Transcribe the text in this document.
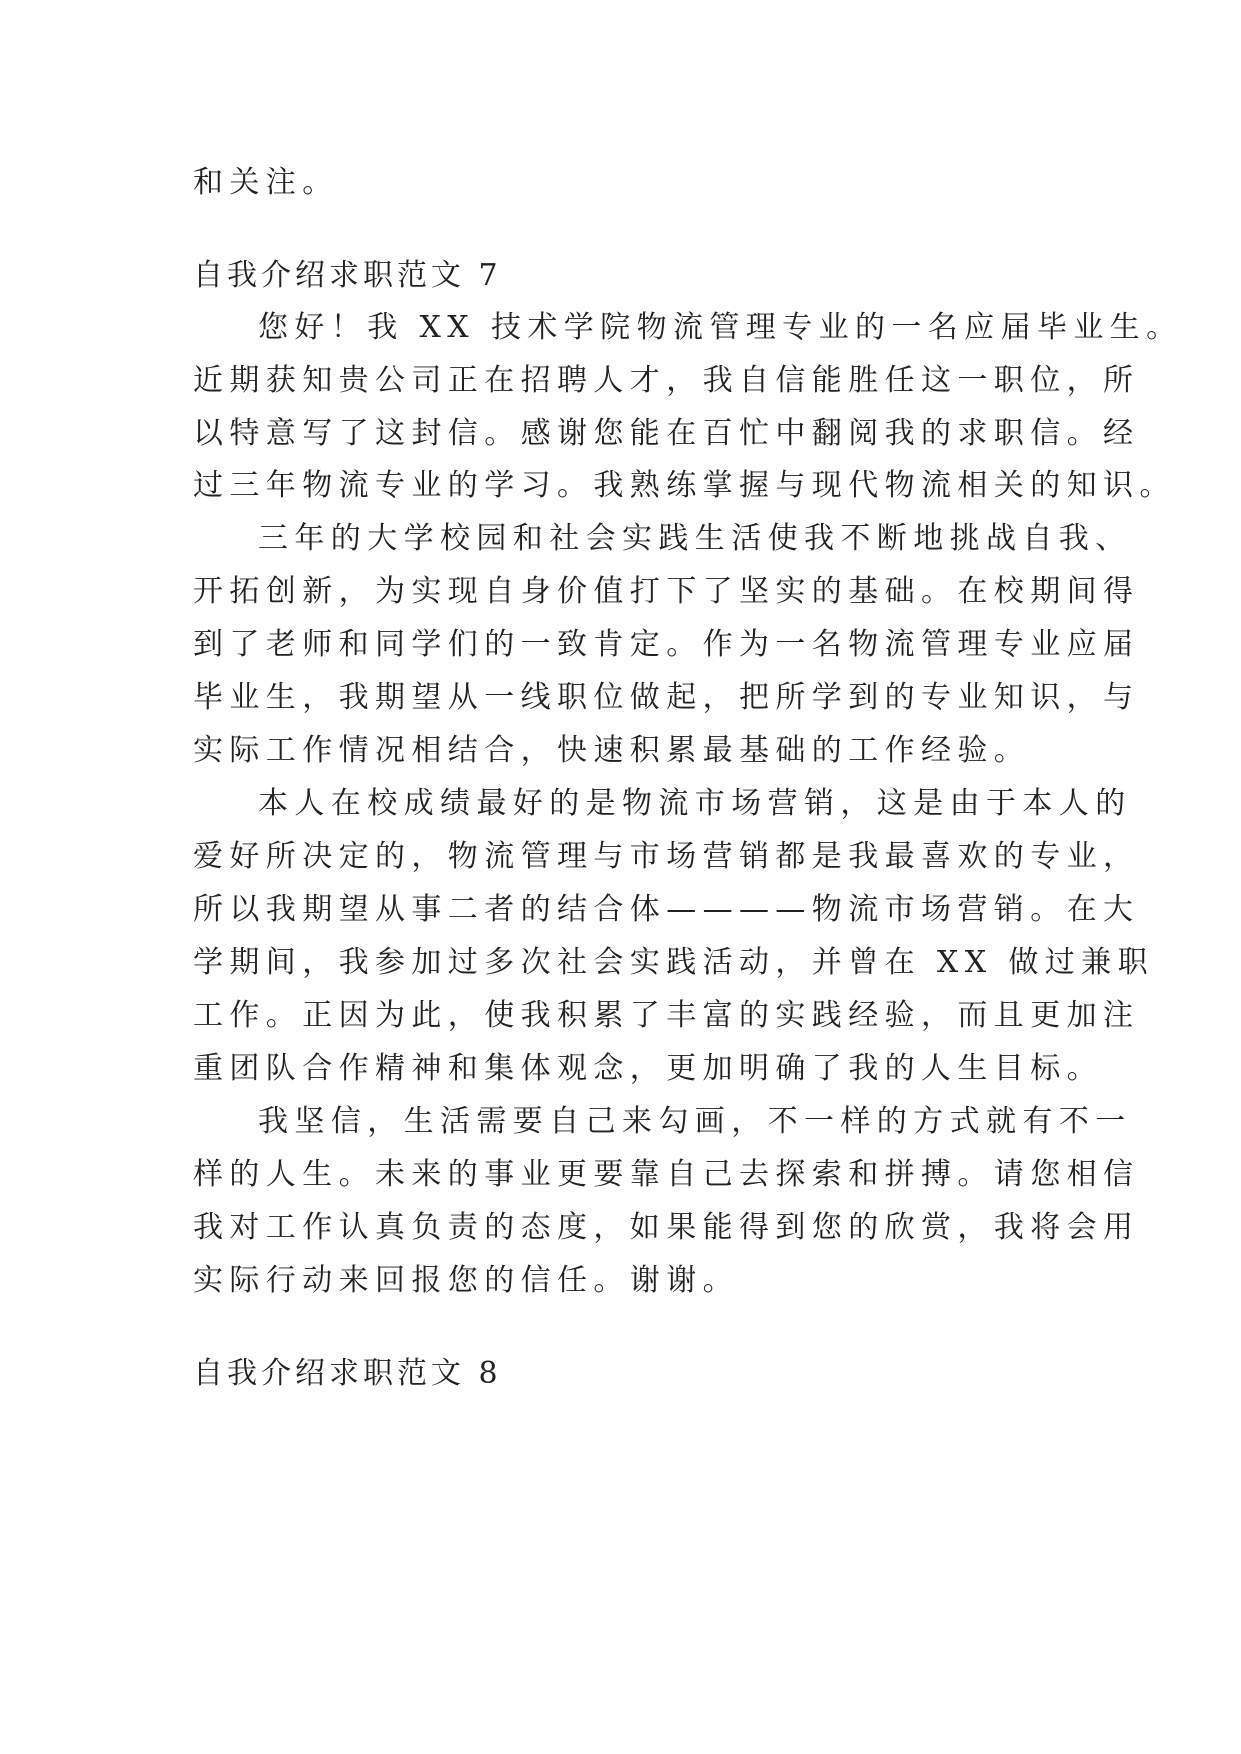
和关注。
自我介绍求职范文 7
您好！我 XX 技术学院物流管理专业的一名应届毕业生。
近期获知贵公司正在招聘人才，我自信能胜任这一职位，所
以特意写了这封信。感谢您能在百忙中翻阅我的求职信。经
过三年物流专业的学习。我熟练掌握与现代物流相关的知识。
三年的大学校园和社会实践生活使我不断地挑战自我、
开拓创新，为实现自身价值打下了坚实的基础。在校期间得
到了老师和同学们的一致肯定。作为一名物流管理专业应届
毕业生，我期望从一线职位做起，把所学到的专业知识，与
实际工作情况相结合，快速积累最基础的工作经验。
本人在校成绩最好的是物流市场营销，这是由于本人的
爱好所决定的，物流管理与市场营销都是我最喜欢的专业，
所以我期望从事二者的结合体————物流市场营销。在大
学期间，我参加过多次社会实践活动，并曾在 XX 做过兼职
工作。正因为此，使我积累了丰富的实践经验，而且更加注
重团队合作精神和集体观念，更加明确了我的人生目标。
我坚信，生活需要自己来勾画，不一样的方式就有不一
样的人生。未来的事业更要靠自己去探索和拼搏。请您相信
我对工作认真负责的态度，如果能得到您的欣赏，我将会用
实际行动来回报您的信任。谢谢。
自我介绍求职范文 8
